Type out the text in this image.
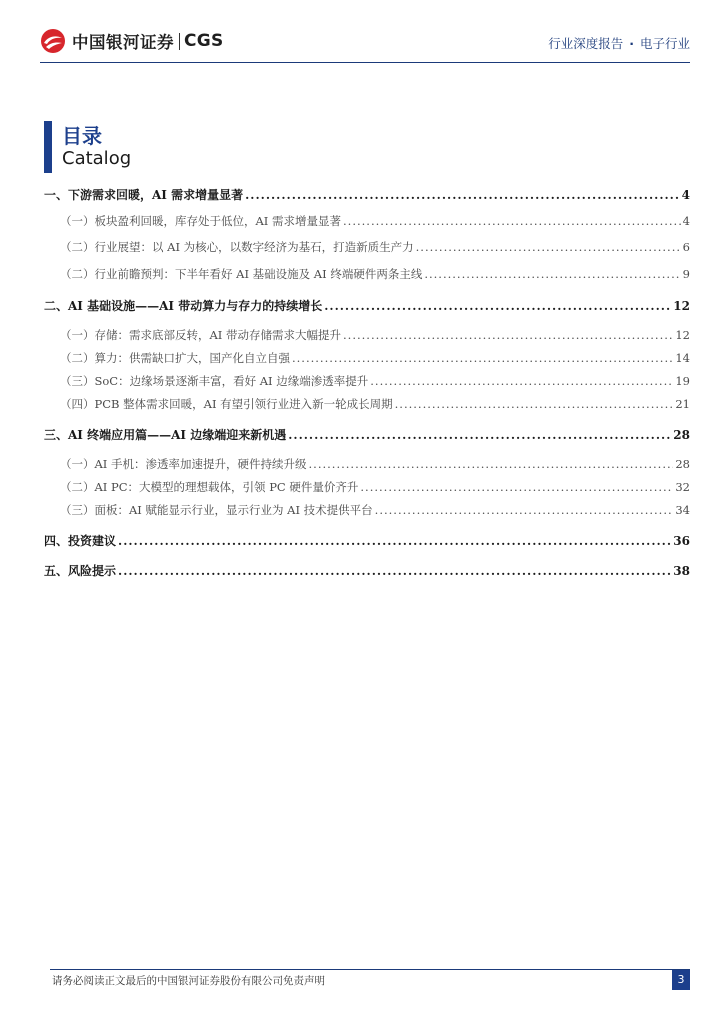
中国银河证券 CGS	行业深度报告 · 电子行业
目录
Catalog
一、下游需求回暖，AI 需求增量显著 .....	4
（一）板块盈利回暖，库存处于低位，AI 需求增量显著 .....	4
（二）行业展望：以 AI 为核心，以数字经济为基石，打造新质生产力 .....	6
（二）行业前瞻预判：下半年看好 AI 基础设施及 AI 终端硬件两条主线 .....	9
二、AI 基础设施——AI 带动算力与存力的持续增长 .....	12
（一）存储：需求底部反转，AI 带动存储需求大幅提升 .....	12
（二）算力：供需缺口扩大，国产化自立自强 .....	14
（三）SoC：边缘场景逐渐丰富，看好 AI 边缘端渗透率提升 .....	19
（四）PCB 整体需求回暖，AI 有望引领行业进入新一轮成长周期 .....	21
三、AI 终端应用篇——AI 边缘端迎来新机遇 .....	28
（一）AI 手机：渗透率加速提升，硬件持续升级 .....	28
（二）AI PC：大模型的理想载体，引领 PC 硬件量价齐升 .....	32
（三）面板：AI 赋能显示行业，显示行业为 AI 技术提供平台 .....	34
四、投资建议 .....	36
五、风险提示 .....	38
请务必阅读正文最后的中国银河证券股份有限公司免责声明	3
